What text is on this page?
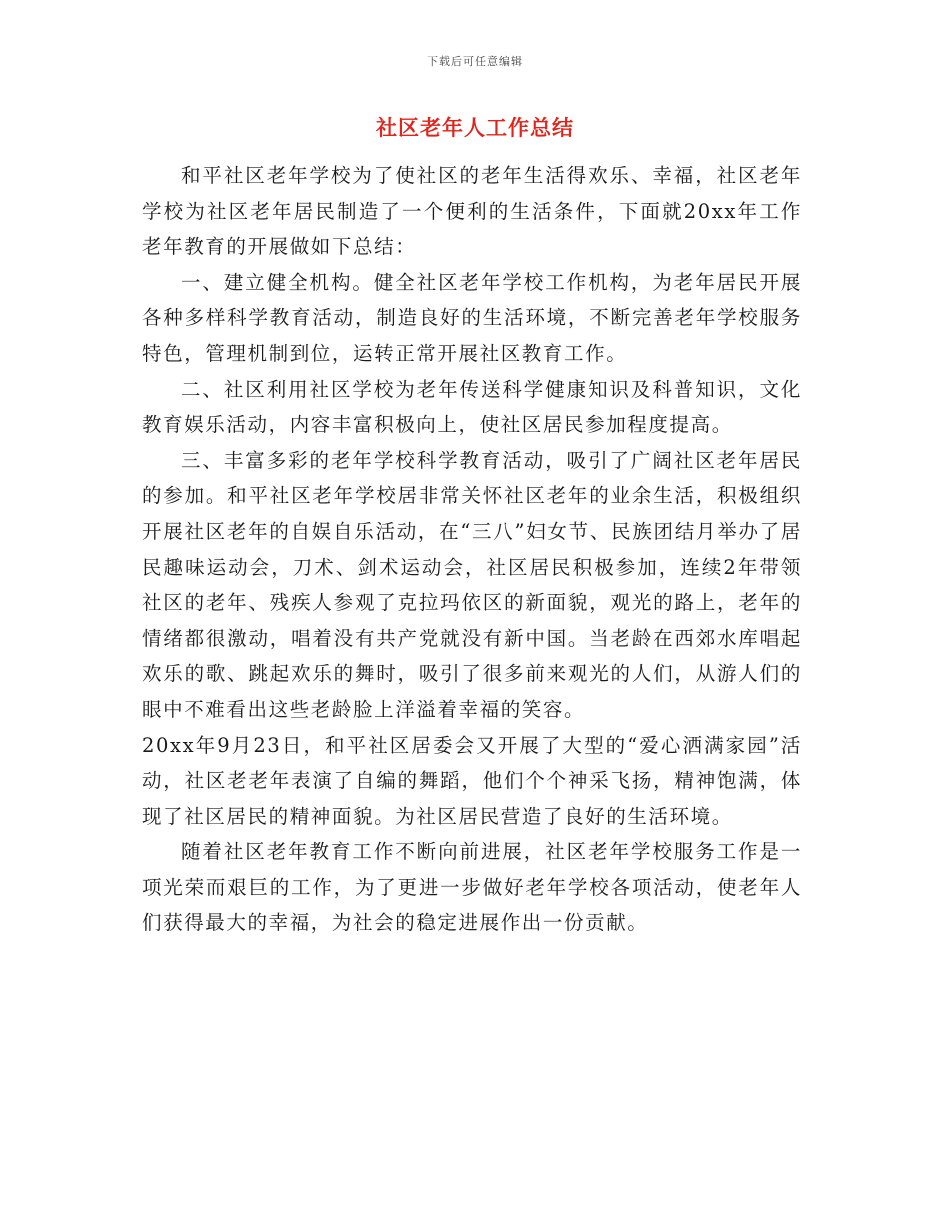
下载后可任意编辑
社区老年人工作总结

和平社区老年学校为了使社区的老年生活得欢乐、幸福，社区老年学校为社区老年居民制造了一个便利的生活条件，下面就20xx年工作老年教育的开展做如下总结：

一、建立健全机构。健全社区老年学校工作机构，为老年居民开展各种多样科学教育活动，制造良好的生活环境，不断完善老年学校服务特色，管理机制到位，运转正常开展社区教育工作。

二、社区利用社区学校为老年传送科学健康知识及科普知识，文化教育娱乐活动，内容丰富积极向上，使社区居民参加程度提高。

三、丰富多彩的老年学校科学教育活动，吸引了广阔社区老年居民的参加。和平社区老年学校居非常关怀社区老年的业余生活，积极组织开展社区老年的自娱自乐活动，在“三八”妇女节、民族团结月举办了居民趣味运动会，刀术、剑术运动会，社区居民积极参加，连续2年带领社区的老年、残疾人参观了克拉玛依区的新面貌，观光的路上，老年的情绪都很激动，唱着没有共产党就没有新中国。当老龄在西郊水库唱起欢乐的歌、跳起欢乐的舞时，吸引了很多前来观光的人们，从游人们的眼中不难看出这些老龄脸上洋溢着幸福的笑容。

20xx年9月23日，和平社区居委会又开展了大型的“爱心洒满家园”活动，社区老老年表演了自编的舞蹈，他们个个神采飞扬，精神饱满，体现了社区居民的精神面貌。为社区居民营造了良好的生活环境。

随着社区老年教育工作不断向前进展，社区老年学校服务工作是一项光荣而艰巨的工作，为了更进一步做好老年学校各项活动，使老年人们获得最大的幸福，为社会的稳定进展作出一份贡献。
